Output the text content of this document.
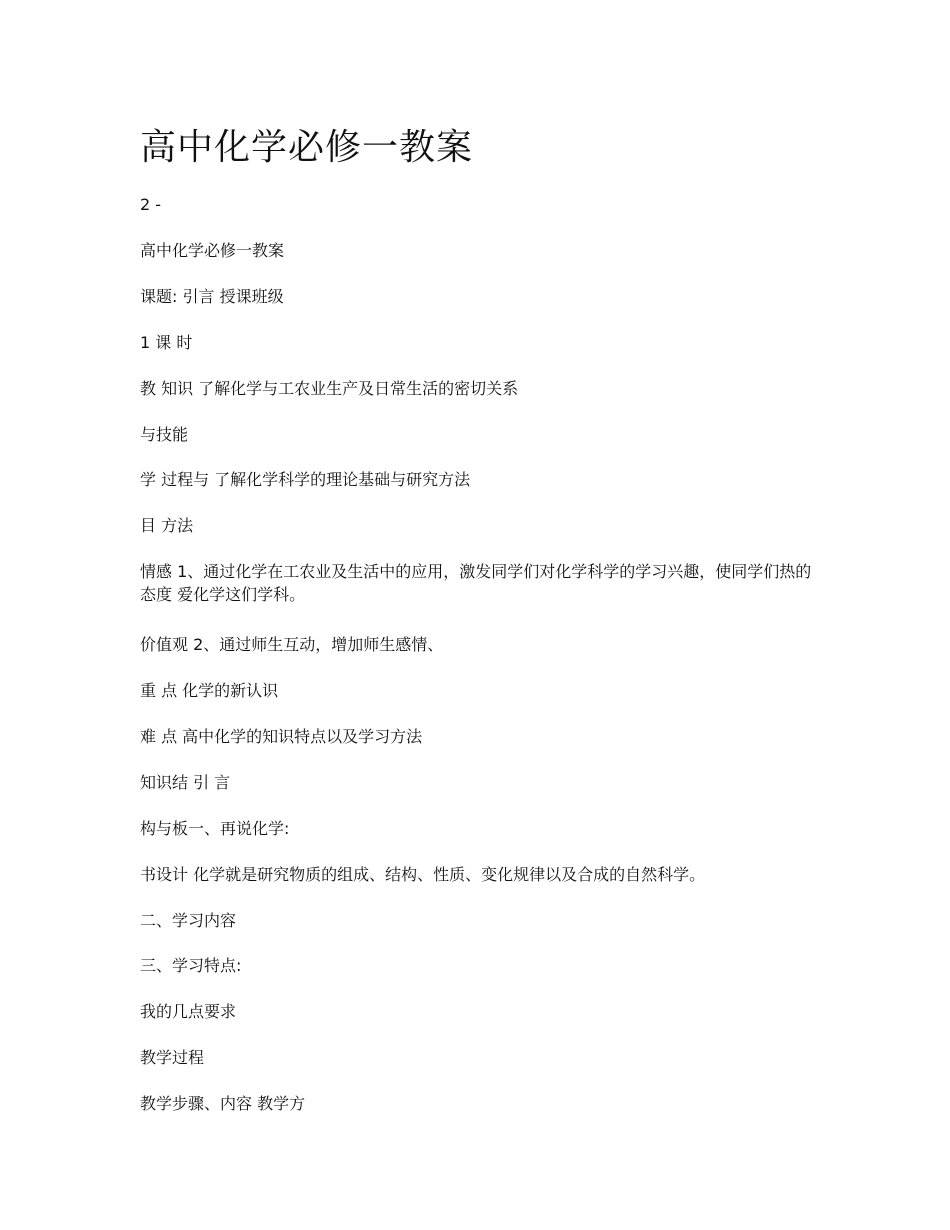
高中化学必修一教案

2 -

高中化学必修一教案

课题: 引言 授课班级

1 课 时

教 知识 了解化学与工农业生产及日常生活的密切关系

与技能

学 过程与 了解化学科学的理论基础与研究方法

目 方法

情感 1、通过化学在工农业及生活中的应用，激发同学们对化学科学的学习兴趣，使同学们热的 态度 爱化学这们学科。

价值观 2、通过师生互动，增加师生感情、

重 点 化学的新认识

难 点 高中化学的知识特点以及学习方法

知识结 引 言

构与板一、再说化学:

书设计 化学就是研究物质的组成、结构、性质、变化规律以及合成的自然科学。

二、学习内容

三、学习特点:

我的几点要求

教学过程

教学步骤、内容 教学方
